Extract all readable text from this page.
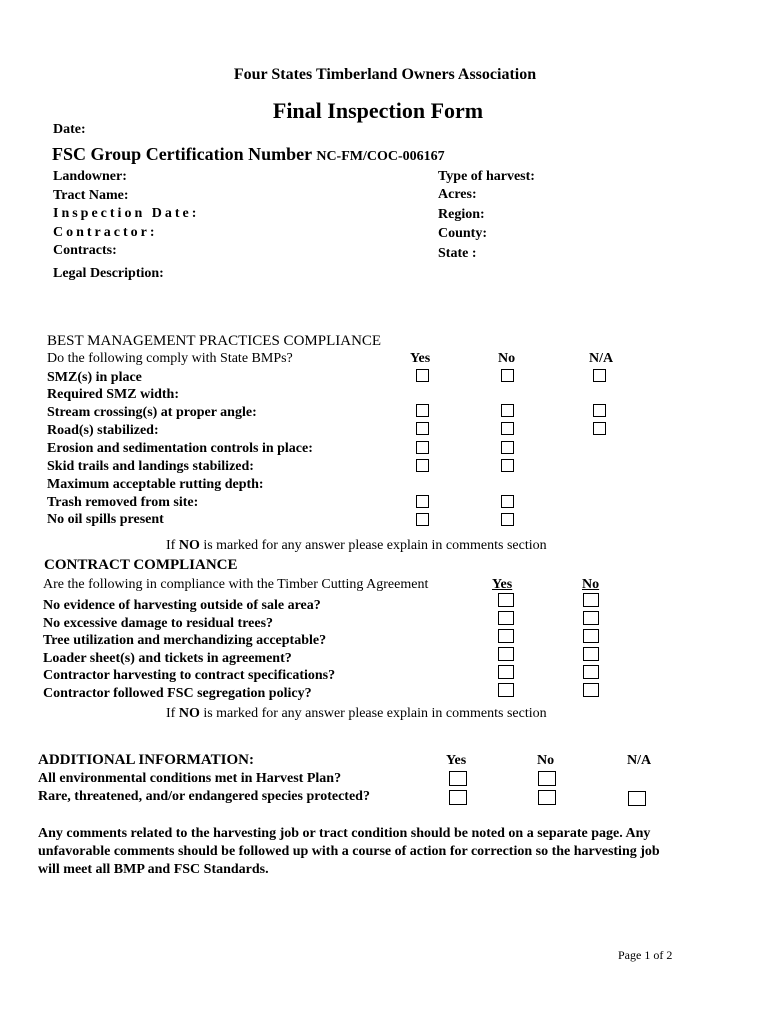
Four States Timberland Owners Association
Final Inspection Form
Date:
FSC Group Certification Number NC-FM/COC-006167
Landowner:
Tract Name:
Inspection Date:
Contractor:
Contracts:
Legal Description:
Type of harvest:
Acres:
Region:
County:
State :
BEST MANAGEMENT PRACTICES COMPLIANCE
Do the following comply with State BMPs?	Yes	No	N/A
SMZ(s) in place
Required SMZ width:
Stream crossing(s) at proper angle:
Road(s) stabilized:
Erosion and sedimentation controls in place:
Skid trails and landings stabilized:
Maximum acceptable rutting depth:
Trash removed from site:
No oil spills present
If NO is marked for any answer please explain in comments section
CONTRACT COMPLIANCE
Are the following in compliance with the Timber Cutting Agreement	Yes	No
No evidence of harvesting outside of sale area?
No excessive damage to residual trees?
Tree utilization and merchandizing acceptable?
Loader sheet(s) and tickets in agreement?
Contractor harvesting to contract specifications?
Contractor followed FSC segregation policy?
If NO is marked for any answer please explain in comments section
ADDITIONAL INFORMATION:	Yes	No	N/A
All environmental conditions met in Harvest Plan?
Rare, threatened, and/or endangered species protected?
Any comments related to the harvesting job or tract condition should be noted on a separate page. Any
unfavorable comments should be followed up with a course of action for correction so the harvesting job
will meet all BMP and FSC Standards.
Page 1 of 2
